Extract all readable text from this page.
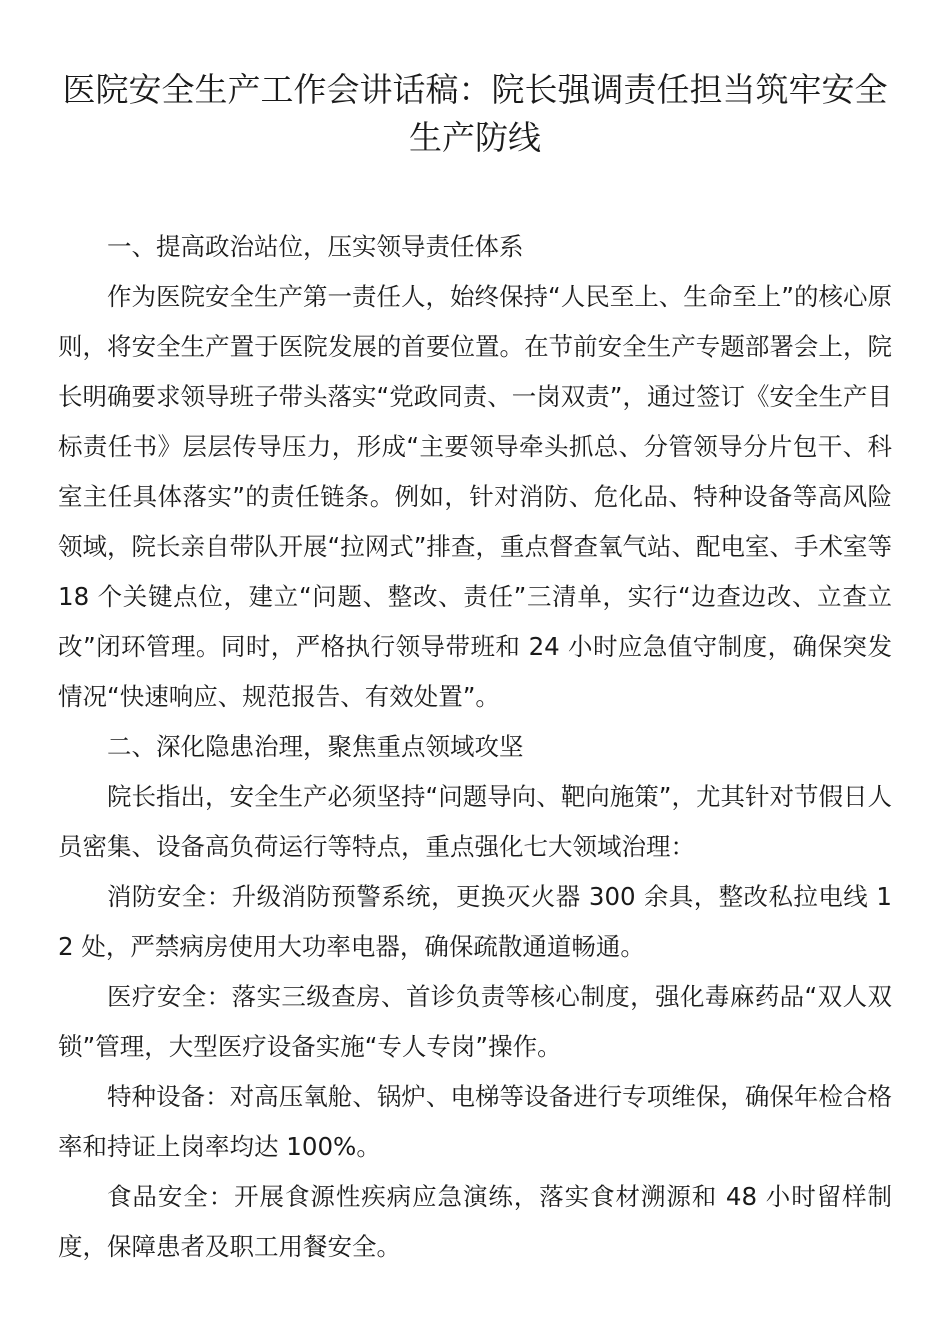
医院安全生产工作会讲话稿：院长强调责任担当筑牢安全生产防线

一、提高政治站位，压实领导责任体系

作为医院安全生产第一责任人，始终保持“人民至上、生命至上”的核心原则，将安全生产置于医院发展的首要位置。在节前安全生产专题部署会上，院长明确要求领导班子带头落实“党政同责、一岗双责”，通过签订《安全生产目标责任书》层层传导压力，形成“主要领导牵头抓总、分管领导分片包干、科室主任具体落实”的责任链条。例如，针对消防、危化品、特种设备等高风险领域，院长亲自带队开展“拉网式”排查，重点督查氧气站、配电室、手术室等 18 个关键点位，建立“问题、整改、责任”三清单，实行“边查边改、立查立改”闭环管理。同时，严格执行领导带班和 24 小时应急值守制度，确保突发情况“快速响应、规范报告、有效处置”。

二、深化隐患治理，聚焦重点领域攻坚

院长指出，安全生产必须坚持“问题导向、靶向施策”，尤其针对节假日人员密集、设备高负荷运行等特点，重点强化七大领域治理：

消防安全：升级消防预警系统，更换灭火器 300 余具，整改私拉电线 12 处，严禁病房使用大功率电器，确保疏散通道畅通。

医疗安全：落实三级查房、首诊负责等核心制度，强化毒麻药品“双人双锁”管理，大型医疗设备实施“专人专岗”操作。

特种设备：对高压氧舱、锅炉、电梯等设备进行专项维保，确保年检合格率和持证上岗率均达 100%。

食品安全：开展食源性疾病应急演练，落实食材溯源和 48 小时留样制度，保障患者及职工用餐安全。
